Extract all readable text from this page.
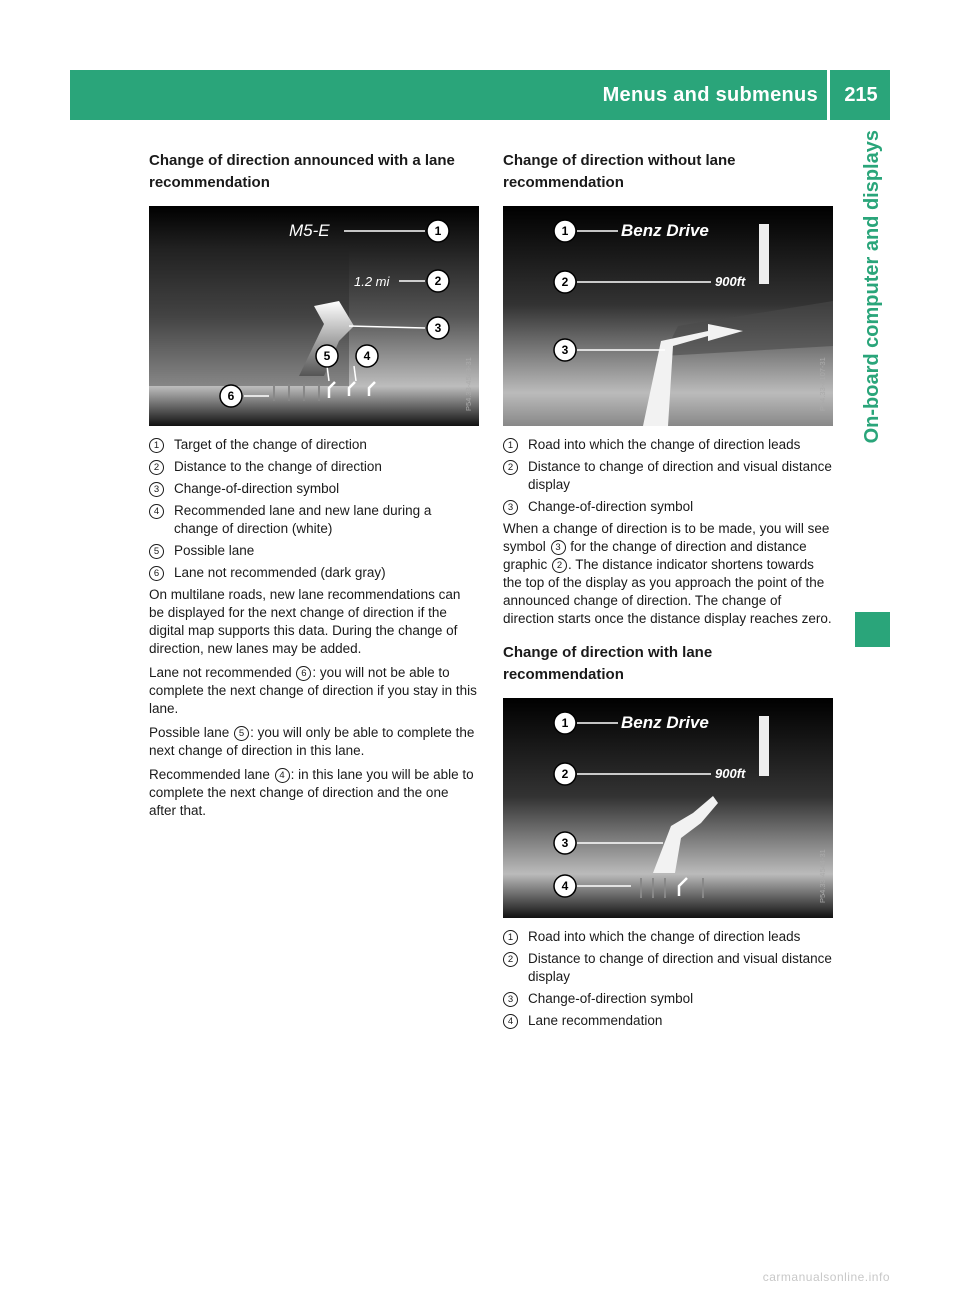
Menus and submenus	215
On-board computer and displays
Change of direction announced with a lane recommendation
M5-E
1.2 mi
1
2
3
4
5
6	P54.33-4543-31
1	Target of the change of direction
2	Distance to the change of direction
3	Change-of-direction symbol
4	Recommended lane and new lane during a change of direction (white)
5	Possible lane
6	Lane not recommended (dark gray)

On multilane roads, new lane recommendations can be displayed for the next change of direction if the digital map supports this data. During the change of direction, new lanes may be added.

Lane not recommended 6 : you will not be able to complete the next change of direction if you stay in this lane.

Possible lane 5 : you will only be able to complete the next change of direction in this lane.

Recommended lane 4 : in this lane you will be able to complete the next change of direction and the one after that.

Change of direction without lane recommendation
Benz Drive
900ft
1
2
3
P54.33-4107-31
1	Road into which the change of direction leads
2	Distance to change of direction and visual distance display
3	Change-of-direction symbol

When a change of direction is to be made, you will see symbol 3 for the change of direction and distance graphic 2 . The distance indicator shortens towards the top of the display as you approach the point of the announced change of direction. The change of direction starts once the distance display reaches zero.

Change of direction with lane recommendation
Benz Drive
900ft
1
2
3
4	P54.33-4544-31
1	Road into which the change of direction leads
2	Distance to change of direction and visual distance display
3	Change-of-direction symbol
4	Lane recommendation
carmanualsonline.info
